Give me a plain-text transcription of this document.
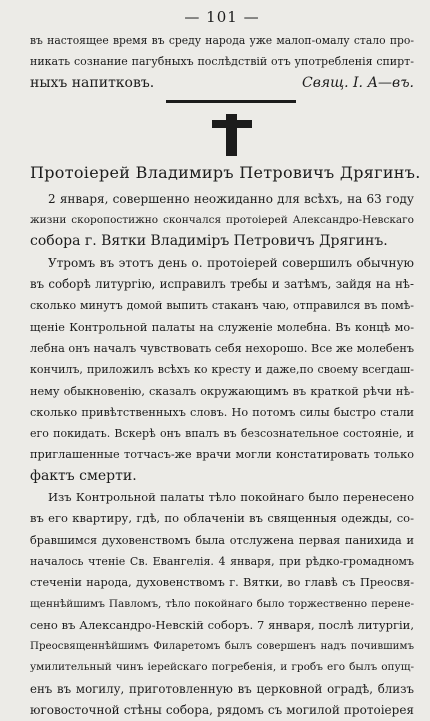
— 101 —
въ настоящее время въ среду народа уже малоп-омалу стало про-
никать сознание пагубныхъ послѣдствій отъ употребленія спирт-
ныхъ напитковъ.	Свящ. I. А—въ.
Протоіерей Владимиръ Петровичъ Дрягинъ.
2 января, совершенно неожиданно для всѣхъ, на 63 году
жизни скоропостижно скончался протоіерей Александро-Невскаго
собора г. Вятки Владиміръ Петровичъ Дрягинъ.
Утромъ въ этотъ день о. протоіерей совершилъ обычную
въ соборѣ литургію, исправилъ требы и затѣмъ, зайдя на нѣ-
сколько минутъ домой выпить стаканъ чаю, отправился въ помѣ-
щеніе Контрольной палаты на служеніе молебна. Въ концѣ мо-
лебна онъ началъ чувствовать себя нехорошо. Все же молебенъ
кончилъ, приложилъ всѣхъ ко кресту и даже,по своему всегдаш-
нему обыкновенію, сказалъ окружающимъ въ краткой рѣчи нѣ-
сколько привѣтственныхъ словъ. Но потомъ силы быстро стали
его покидать. Вскерѣ онъ впалъ въ безсознательное состояніе, и
приглашенные тотчасъ-же врачи могли констатировать только
фактъ смерти.
Изъ Контрольной палаты тѣло покойнаго было перенесено
въ его квартиру, гдѣ, по облаченіи въ священныя одежды, со-
бравшимся духовенствомъ была отслужена первая панихида и
началось чтеніе Св. Евангелія. 4 января, при рѣдко-громадномъ
стеченіи народа, духовенствомъ г. Вятки, во главѣ съ Преосвя-
щеннѣйшимъ Павломъ, тѣло покойнаго было торжественно перене-
сено въ Александро-Невскій соборъ. 7 января, послѣ литургіи,
Преосвященнѣйшимъ Филаретомъ былъ совершенъ надъ почившимъ
умилительный чинъ іерейскаго погребенія, и гробъ его былъ опущ-
енъ въ могилу, приготовленную въ церковной оградѣ, близъ
юговосточной стѣны собора, рядомъ съ могилой протоіерея
